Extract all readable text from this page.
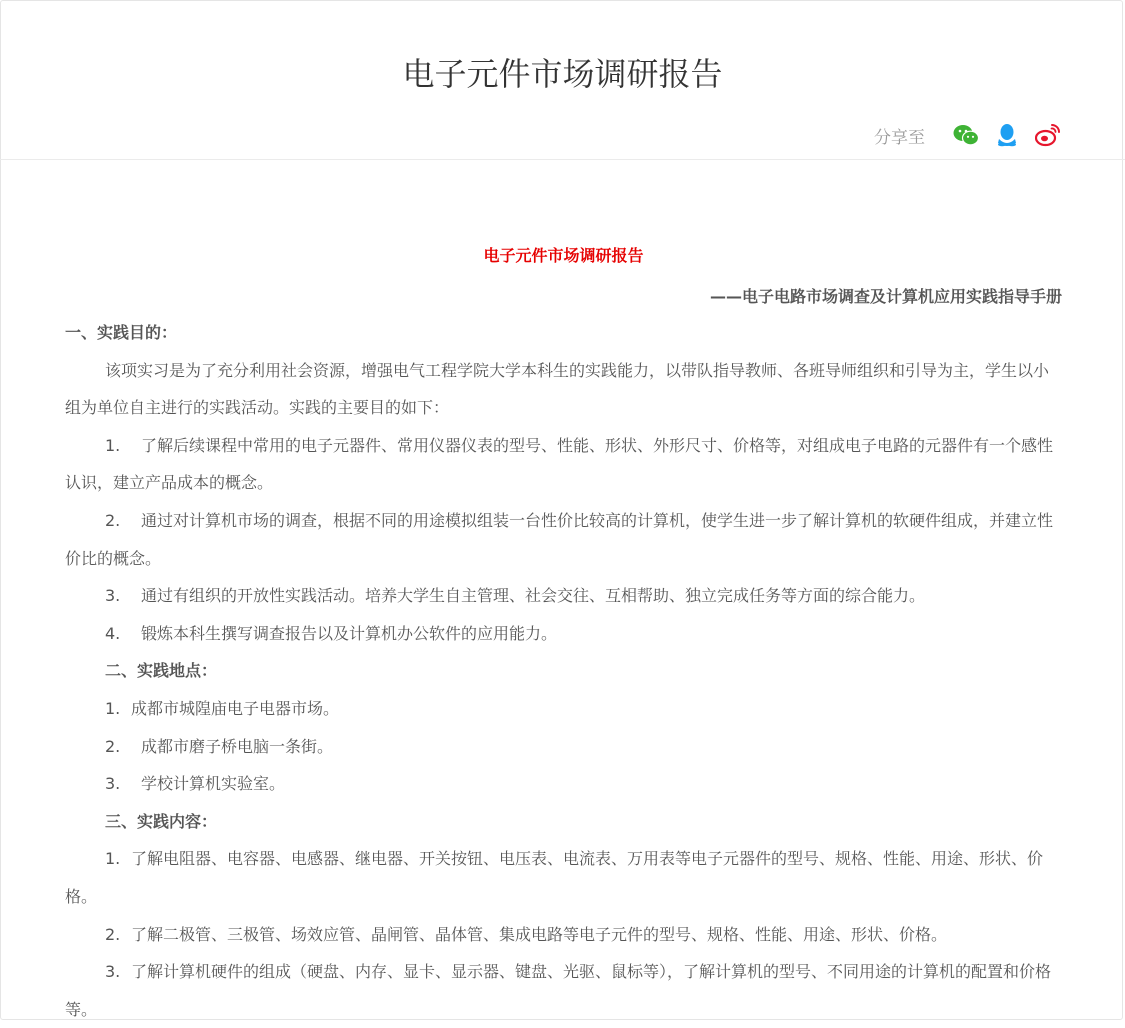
电子元件市场调研报告
分享至
电子元件市场调研报告
——电子电路市场调查及计算机应用实践指导手册

一、实践目的：

该项实习是为了充分利用社会资源，增强电气工程学院大学本科生的实践能力，以带队指导教师、各班导师组织和引导为主，学生以小组为单位自主进行的实践活动。实践的主要目的如下：

1. 了解后续课程中常用的电子元器件、常用仪器仪表的型号、性能、形状、外形尺寸、价格等，对组成电子电路的元器件有一个感性认识，建立产品成本的概念。

2. 通过对计算机市场的调查，根据不同的用途模拟组装一台性价比较高的计算机，使学生进一步了解计算机的软硬件组成，并建立性价比的概念。

3. 通过有组织的开放性实践活动。培养大学生自主管理、社会交往、互相帮助、独立完成任务等方面的综合能力。

4. 锻炼本科生撰写调查报告以及计算机办公软件的应用能力。

二、实践地点：

1. 成都市城隍庙电子电器市场。

2. 成都市磨子桥电脑一条街。

3. 学校计算机实验室。

三、实践内容：

1. 了解电阻器、电容器、电感器、继电器、开关按钮、电压表、电流表、万用表等电子元器件的型号、规格、性能、用途、形状、价格。

2. 了解二极管、三极管、场效应管、晶闸管、晶体管、集成电路等电子元件的型号、规格、性能、用途、形状、价格。

3. 了解计算机硬件的组成（硬盘、内存、显卡、显示器、键盘、光驱、鼠标等），了解计算机的型号、不同用途的计算机的配置和价格等。
